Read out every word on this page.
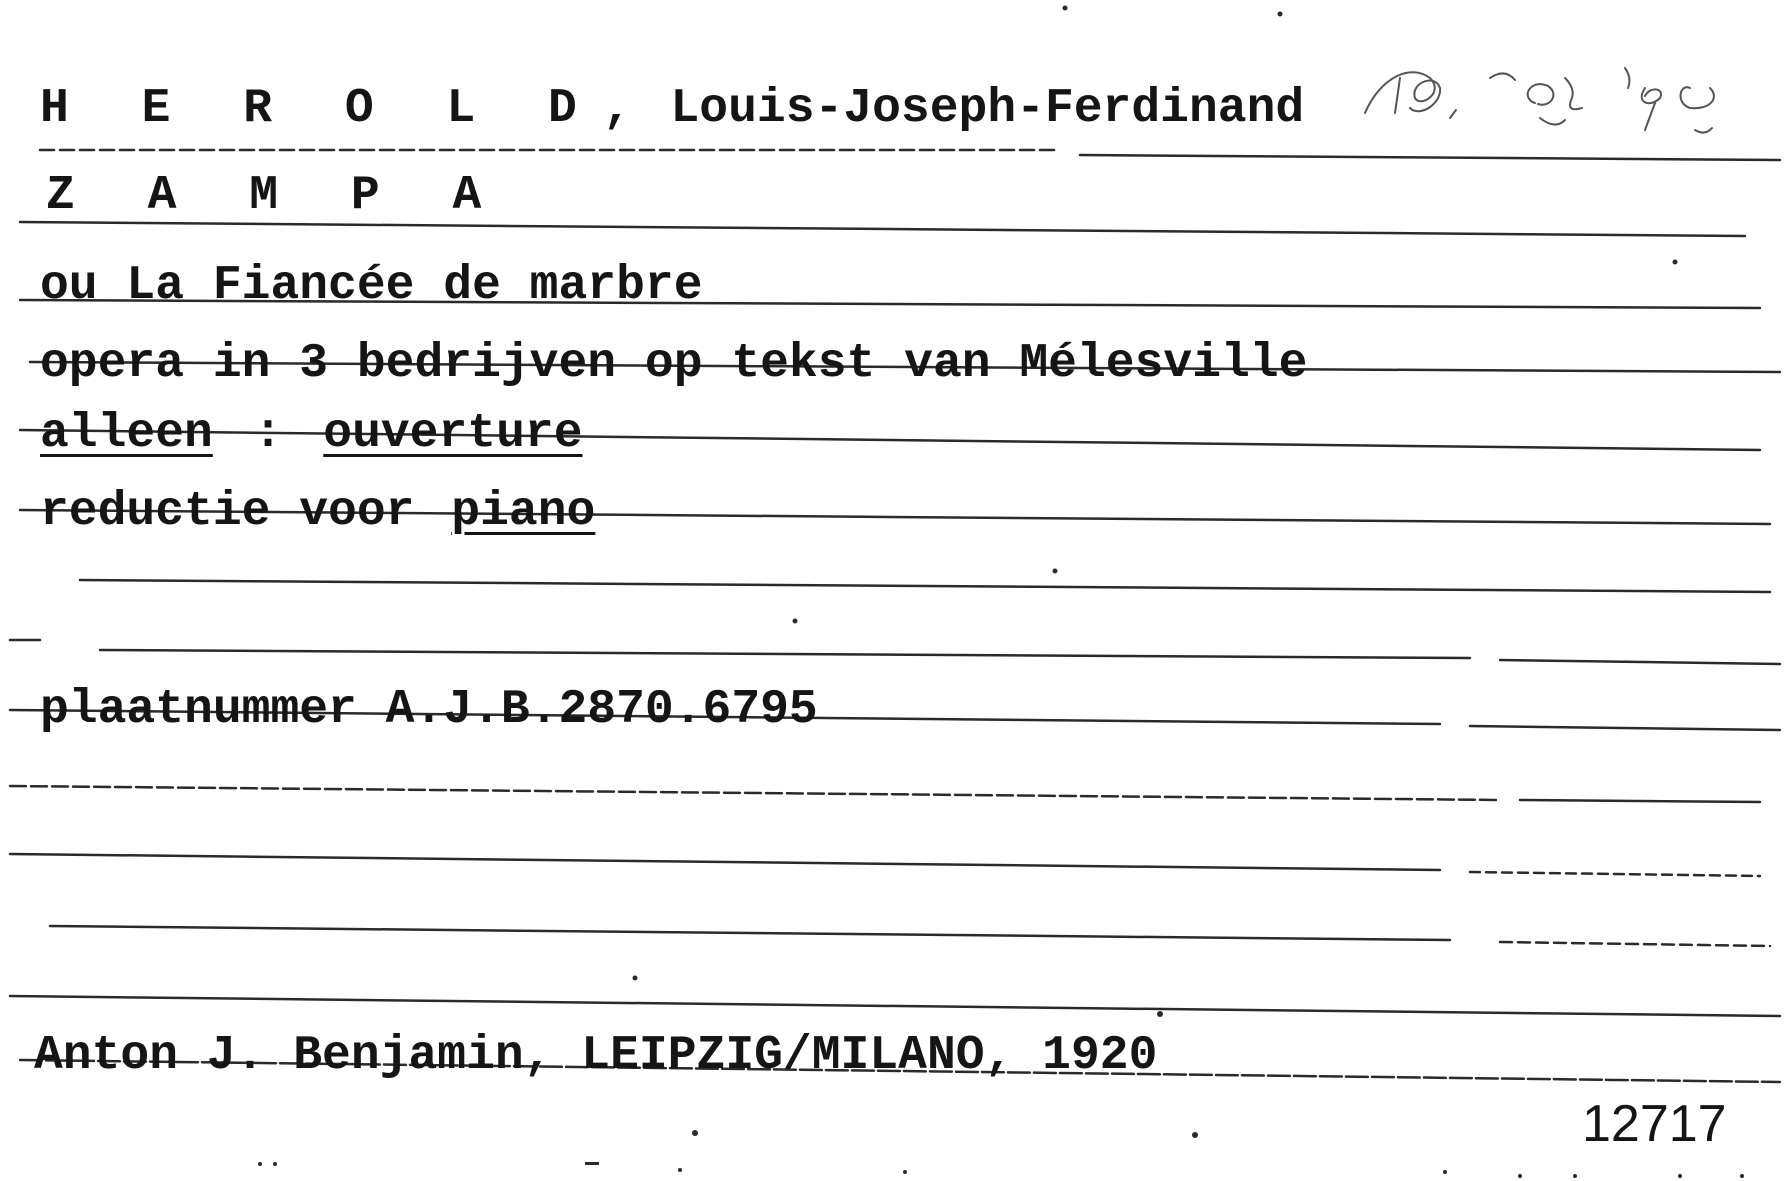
H E R O L D, Louis-Joseph-Ferdinand
Z A M P A
ou La Fiancée de marbre
opera in 3 bedrijven op tekst van Mélesville
alleen : ouverture
reductie voor piano
plaatnummer A.J.B.2870.6795
Anton J. Benjamin, LEIPZIG/MILANO, 1920
12717
